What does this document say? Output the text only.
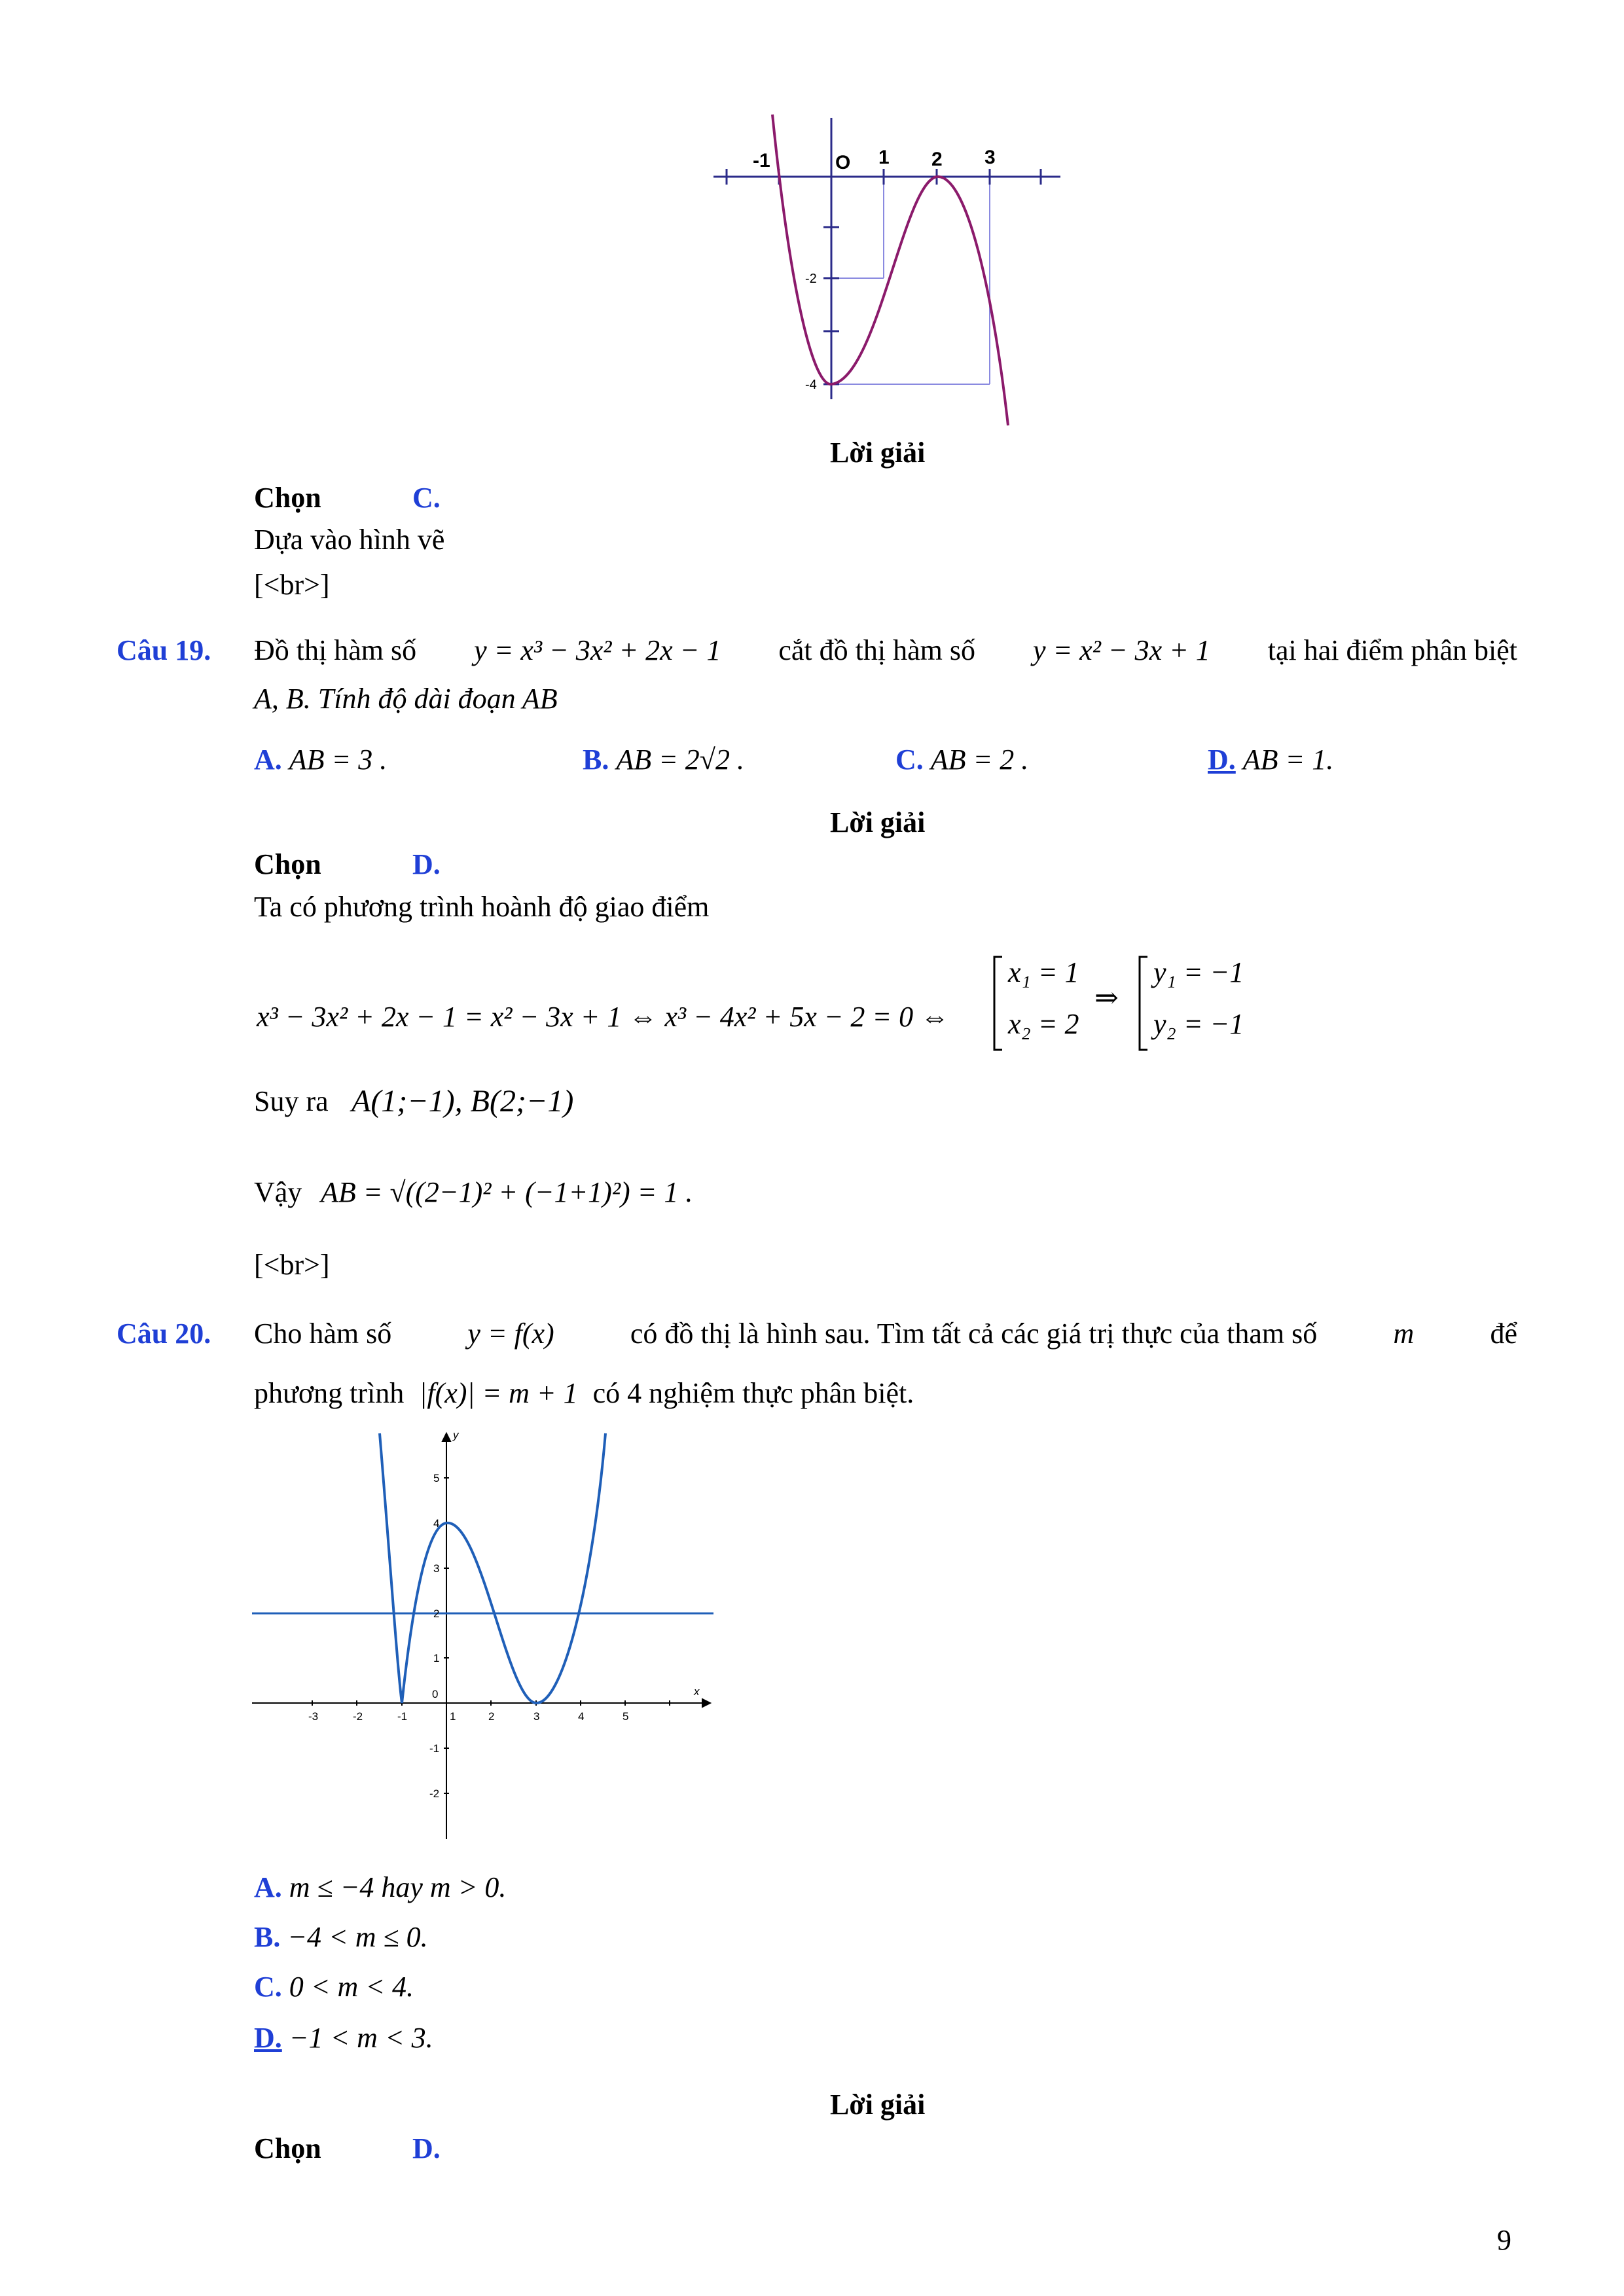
-1	O 1 2 3
-2
-4
Lời giải
Chọn	C.
Dựa vào hình vẽ
[<br>]
Câu 19. Đồ thị hàm số y = x³ − 3x² + 2x − 1 cắt đồ thị hàm số y = x² − 3x + 1 tại hai điểm phân biệt
A, B. Tính độ dài đoạn AB
A. AB = 3 .	B. AB = 2√2 .	C. AB = 2 .	D. AB = 1.
Lời giải
Chọn	D.
Ta có phương trình hoành độ giao điểm
x³ − 3x² + 2x − 1 = x² − 3x + 1 ⇔ x³ − 4x² + 5x − 2 = 0 ⇔
x₁ = 1
x₂ = 2
⇒
y₁ = −1
y₂ = −1
Suy ra A(1;−1), B(2;−1)
Vậy AB = √((2−1)² + (−1+1)²) = 1 .
[<br>]
Câu 20. Cho hàm số	y = f(x)	có đồ thị là hình sau. Tìm tất cả các giá trị thực của tham số	m	để
phương trình |f(x)| = m + 1 có 4 nghiệm thực phân biệt.
-3	-2	-1
0
1	2	3	4	5
5
4
3
2
1
-1
-2
x
y
A. m ≤ −4 hay m > 0.
B. −4 < m ≤ 0.
C. 0 < m < 4.
D. −1 < m < 3.
Lời giải
Chọn	D.
9
